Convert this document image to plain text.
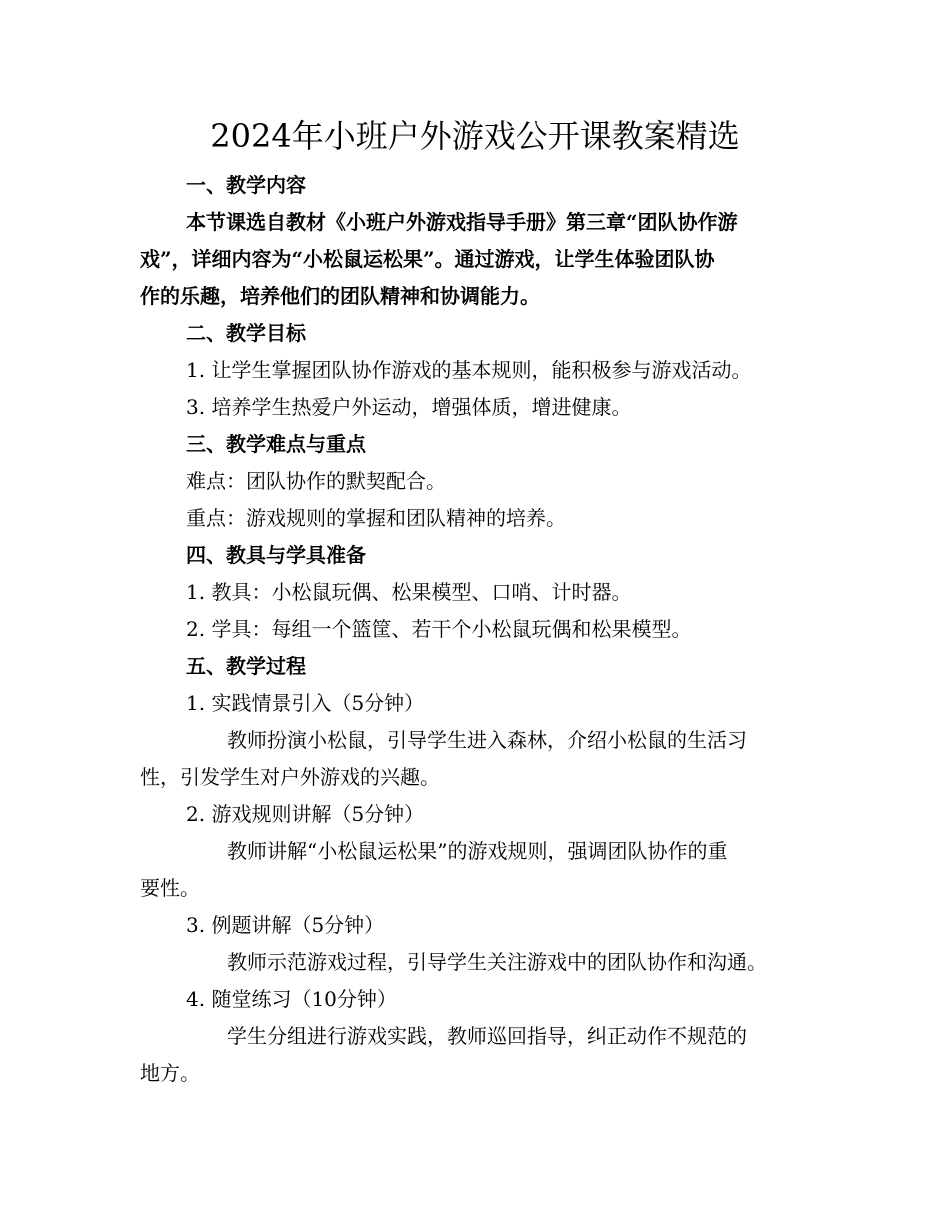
2024年小班户外游戏公开课教案精选

一、教学内容

本节课选自教材《小班户外游戏指导手册》第三章“团队协作游

戏”，详细内容为“小松鼠运松果”。通过游戏，让学生体验团队协

作的乐趣，培养他们的团队精神和协调能力。

二、教学目标

1. 让学生掌握团队协作游戏的基本规则，能积极参与游戏活动。

3. 培养学生热爱户外运动，增强体质，增进健康。

三、教学难点与重点

难点：团队协作的默契配合。

重点：游戏规则的掌握和团队精神的培养。

四、教具与学具准备

1. 教具：小松鼠玩偶、松果模型、口哨、计时器。

2. 学具：每组一个篮筐、若干个小松鼠玩偶和松果模型。

五、教学过程

1. 实践情景引入（5分钟）

教师扮演小松鼠，引导学生进入森林，介绍小松鼠的生活习

性，引发学生对户外游戏的兴趣。

2. 游戏规则讲解（5分钟）

教师讲解“小松鼠运松果”的游戏规则，强调团队协作的重

要性。

3. 例题讲解（5分钟）

教师示范游戏过程，引导学生关注游戏中的团队协作和沟通。

4. 随堂练习（10分钟）

学生分组进行游戏实践，教师巡回指导，纠正动作不规范的

地方。
